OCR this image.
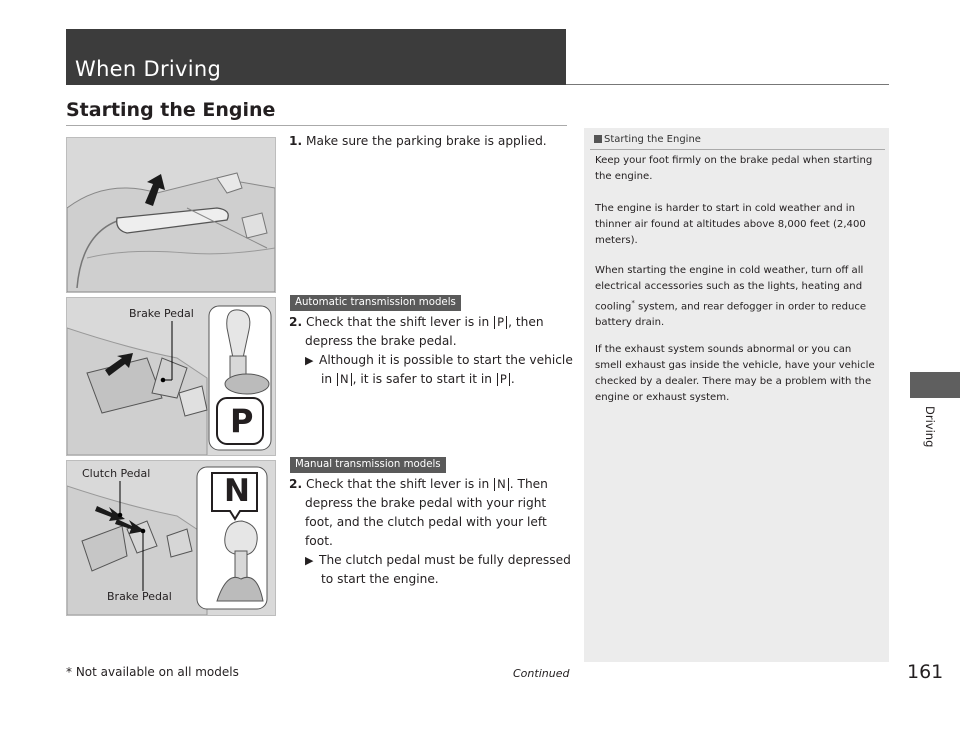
When Driving
Starting the Engine
1. Make sure the parking brake is applied.
Brake Pedal
P
Automatic transmission models
2. Check that the shift lever is in P , then
depress the brake pedal.
▶ Although it is possible to start the vehicle
in N , it is safer to start it in P .
Clutch Pedal
Brake Pedal
N
Manual transmission models
2. Check that the shift lever is in N . Then
depress the brake pedal with your right
foot, and the clutch pedal with your left
foot.
▶ The clutch pedal must be fully depressed
to start the engine.
Starting the Engine

Keep your foot firmly on the brake pedal when starting the engine.

The engine is harder to start in cold weather and in thinner air found at altitudes above 8,000 feet (2,400 meters).

When starting the engine in cold weather, turn off all electrical accessories such as the lights, heating and cooling* system, and rear defogger in order to reduce battery drain.

If the exhaust system sounds abnormal or you can smell exhaust gas inside the vehicle, have your vehicle checked by a dealer. There may be a problem with the engine or exhaust system.

Driving
* Not available on all models	Continued	161
